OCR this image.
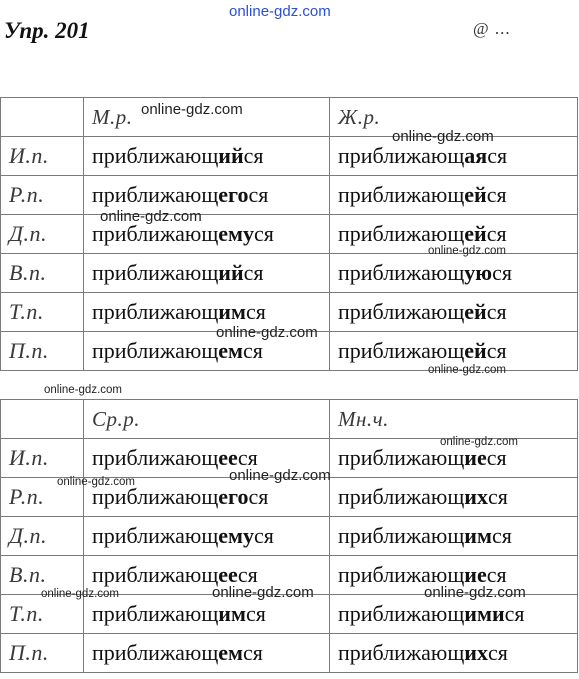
online-gdz.com
Упр. 201	@ ...
	М.р.	Ж.р.
И.п.	приближающийся	приближающаяся
Р.п.	приближающегося	приближающейся
Д.п.	приближающемуся	приближающейся
В.п.	приближающийся	приближающуюся
Т.п.	приближающимся	приближающейся
П.п.	приближающемся	приближающейся
	Ср.р.	Мн.ч.
И.п.	приближающееся	приближающиеся
Р.п.	приближающегося	приближающихся
Д.п.	приближающемуся	приближающимся
В.п.	приближающееся	приближающиеся
Т.п.	приближающимся	приближающимися
П.п.	приближающемся	приближающихся
online-gdz.com
online-gdz.com
online-gdz.com
online-gdz.com
online-gdz.com
online-gdz.com
online-gdz.com
online-gdz.com
online-gdz.com
online-gdz.com
online-gdz.com	online-gdz.com
online-gdz.com
